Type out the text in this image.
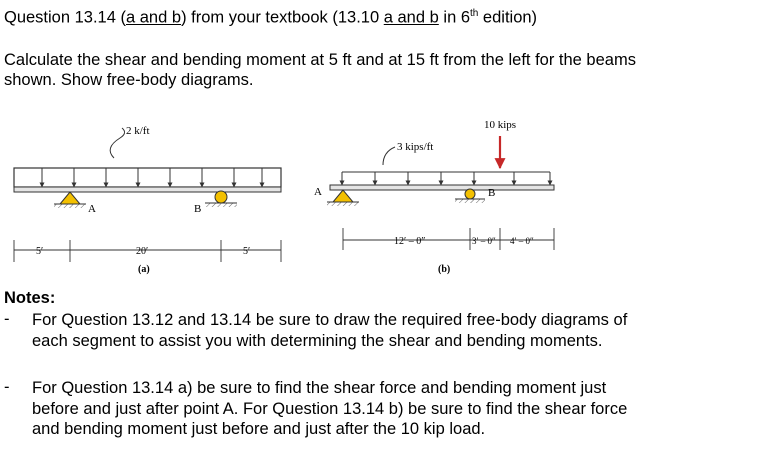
Question 13.14 (a and b) from your textbook (13.10 a and b in 6th edition)
Calculate the shear and bending moment at 5 ft and at 15 ft from the left for the beams
shown. Show free-body diagrams.
2 k/ft
A	B
5′	20′	5′
(a)
3 kips/ft
10 kips
A	B
12′ – 0″	3′ – 0″ 4′ – 0″
(b)
Notes:
- For Question 13.12 and 13.14 be sure to draw the required free-body diagrams of
each segment to assist you with determining the shear and bending moments.
- For Question 13.14 a) be sure to find the shear force and bending moment just
before and just after point A. For Question 13.14 b) be sure to find the shear force
and bending moment just before and just after the 10 kip load.
